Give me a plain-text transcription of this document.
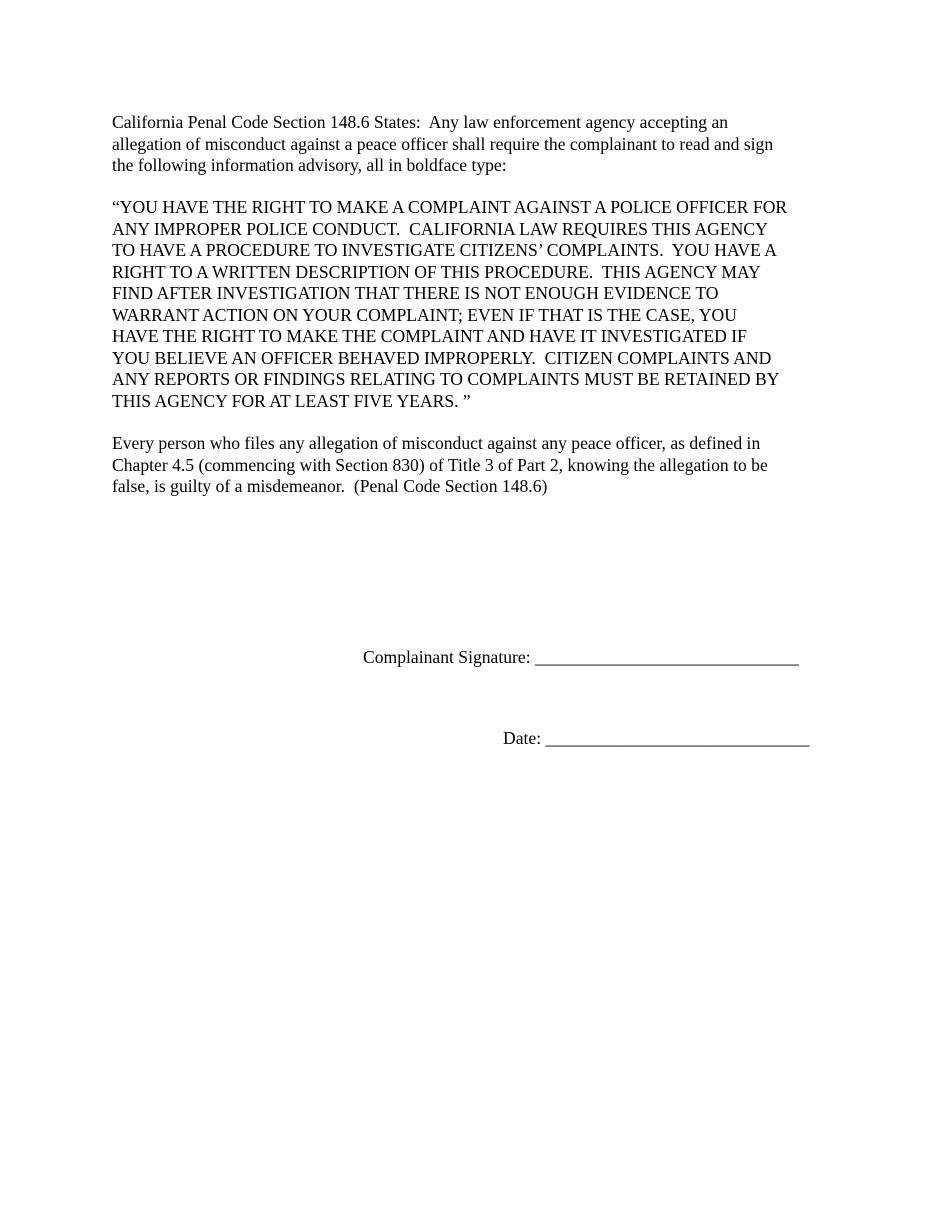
California Penal Code Section 148.6 States:  Any law enforcement agency accepting an
allegation of misconduct against a peace officer shall require the complainant to read and sign
the following information advisory, all in boldface type:

“YOU HAVE THE RIGHT TO MAKE A COMPLAINT AGAINST A POLICE OFFICER FOR
ANY IMPROPER POLICE CONDUCT.  CALIFORNIA LAW REQUIRES THIS AGENCY
TO HAVE A PROCEDURE TO INVESTIGATE CITIZENS’ COMPLAINTS.  YOU HAVE A
RIGHT TO A WRITTEN DESCRIPTION OF THIS PROCEDURE.  THIS AGENCY MAY
FIND AFTER INVESTIGATION THAT THERE IS NOT ENOUGH EVIDENCE TO
WARRANT ACTION ON YOUR COMPLAINT; EVEN IF THAT IS THE CASE, YOU
HAVE THE RIGHT TO MAKE THE COMPLAINT AND HAVE IT INVESTIGATED IF
YOU BELIEVE AN OFFICER BEHAVED IMPROPERLY.  CITIZEN COMPLAINTS AND
ANY REPORTS OR FINDINGS RELATING TO COMPLAINTS MUST BE RETAINED BY
THIS AGENCY FOR AT LEAST FIVE YEARS. ”

Every person who files any allegation of misconduct against any peace officer, as defined in
Chapter 4.5 (commencing with Section 830) of Title 3 of Part 2, knowing the allegation to be
false, is guilty of a misdemeanor.  (Penal Code Section 148.6)

Complainant Signature: ______________________________
Date: ______________________________
